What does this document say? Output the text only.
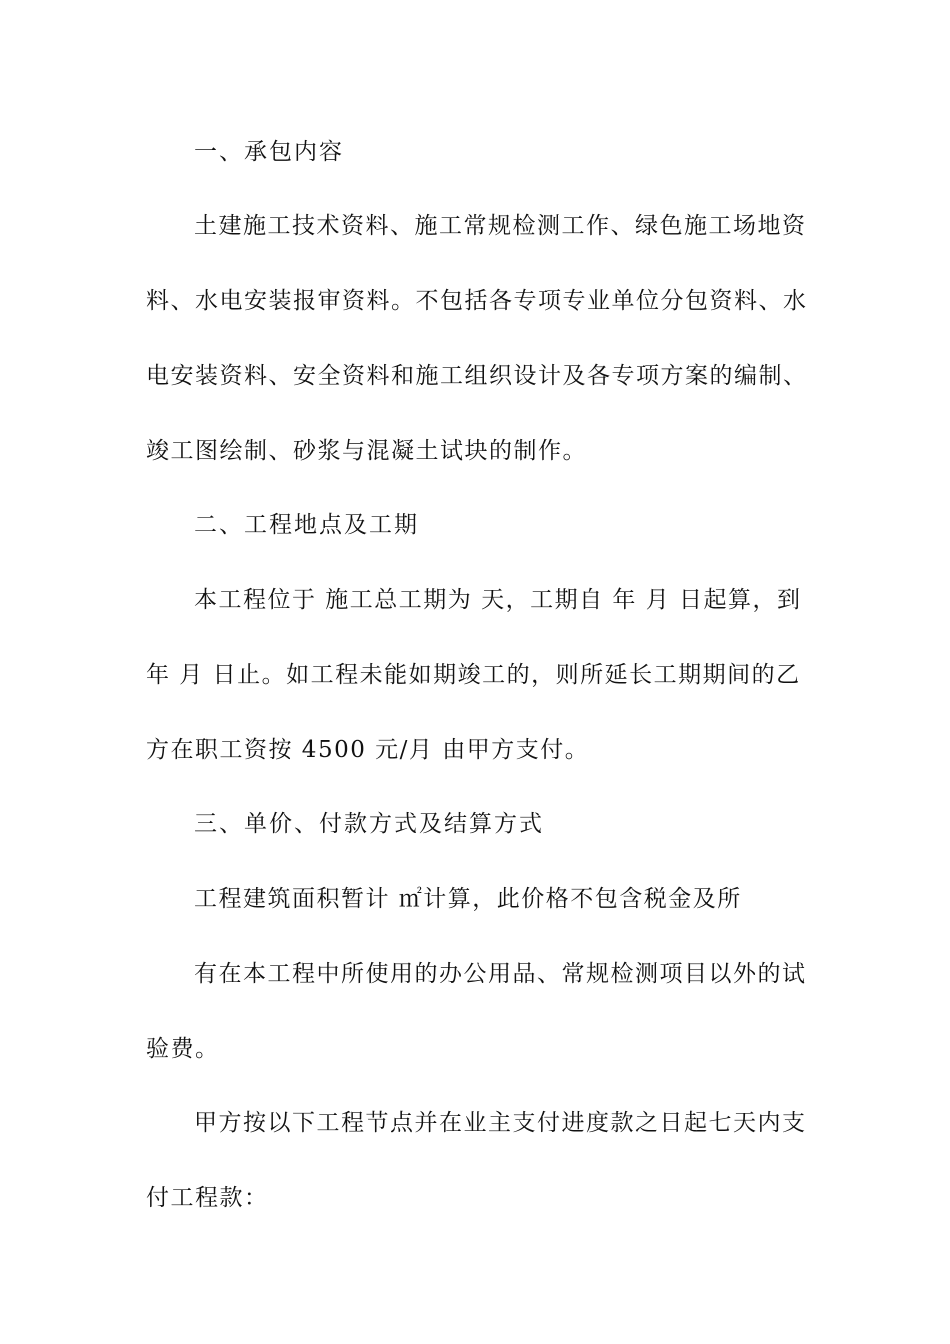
一、承包内容
土建施工技术资料、施工常规检测工作、绿色施工场地资
料、水电安装报审资料。不包括各专项专业单位分包资料、水
电安装资料、安全资料和施工组织设计及各专项方案的编制、
竣工图绘制、砂浆与混凝土试块的制作。
二、工程地点及工期
本工程位于 施工总工期为 天，工期自 年 月 日起算，到
年 月 日止。如工程未能如期竣工的，则所延长工期期间的乙
方在职工资按 4500 元/月 由甲方支付。
三、单价、付款方式及结算方式
工程建筑面积暂计 ㎡计算，此价格不包含税金及所
有在本工程中所使用的办公用品、常规检测项目以外的试
验费。
甲方按以下工程节点并在业主支付进度款之日起七天内支
付工程款：
